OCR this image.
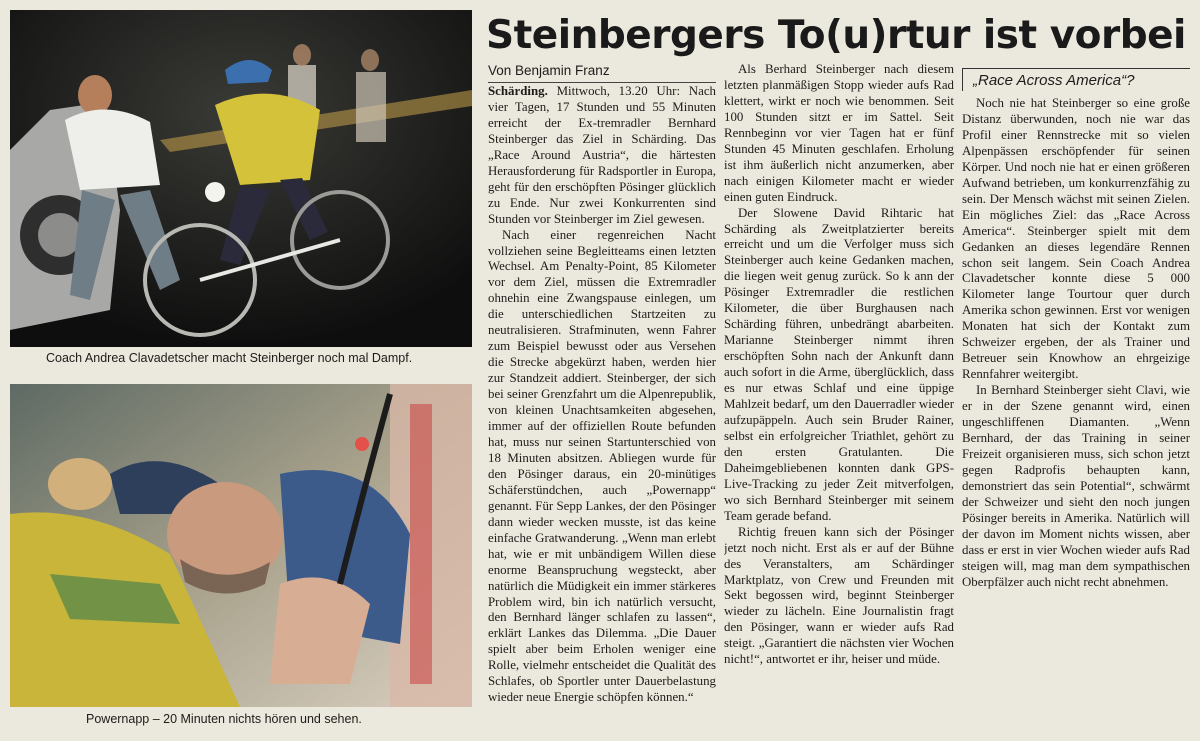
Coach Andrea Clavadetscher macht Steinberger noch mal Dampf.
Powernapp – 20 Minuten nichts hören und sehen.
Steinbergers To(u)rtur ist vorbei
Von Benjamin Franz

Schärding. Mittwoch, 13.20 Uhr: Nach vier Tagen, 17 Stunden und 55 Minuten erreicht der Ex-tremradler Bernhard Steinberger das Ziel in Schärding. Das „Race Around Austria“, die härtesten Herausforderung für Radsportler in Europa, geht für den erschöpften Pösinger glücklich zu Ende. Nur zwei Konkurrenten sind Stunden vor Steinberger im Ziel gewesen.

Nach einer regenreichen Nacht vollziehen seine Begleitteams einen letzten Wechsel. Am Penalty-Point, 85 Kilometer vor dem Ziel, müssen die Extremradler ohnehin eine Zwangspause einlegen, um die unterschiedlichen Startzeiten zu neutralisieren. Strafminuten, wenn Fahrer zum Beispiel bewusst oder aus Versehen die Strecke abgekürzt haben, werden hier zur Standzeit addiert. Steinberger, der sich bei seiner Grenzfahrt um die Alpenrepublik, von kleinen Unachtsamkeiten abgesehen, immer auf der offiziellen Route befunden hat, muss nur seinen Startunterschied von 18 Minuten absitzen. Abliegen wurde für den Pösinger daraus, ein 20-minütiges Schäferstündchen, auch „Powernapp“ genannt. Für Sepp Lankes, der den Pösinger dann wieder wecken musste, ist das keine einfache Gratwanderung. „Wenn man erlebt hat, wie er mit unbändigem Willen diese enorme Beanspruchung wegsteckt, aber natürlich die Müdigkeit ein immer stärkeres Problem wird, bin ich natürlich versucht, den Bernhard länger schlafen zu lassen“, erklärt Lankes das Dilemma. „Die Dauer spielt aber beim Erholen weniger eine Rolle, vielmehr entscheidet die Qualität des Schlafes, ob Sportler unter Dauerbelastung wieder neue Energie schöpfen können.“

Als Berhard Steinberger nach diesem letzten planmäßigen Stopp wieder aufs Rad klettert, wirkt er noch wie benommen. Seit 100 Stunden sitzt er im Sattel. Seit Rennbeginn vor vier Tagen hat er fünf Stunden 45 Minuten geschlafen. Erholung ist ihm äußerlich nicht anzumerken, aber nach einigen Kilometer macht er wieder einen guten Eindruck.

Der Slowene David Rihtaric hat Schärding als Zweitplatzierter bereits erreicht und um die Verfolger muss sich Steinberger auch keine Gedanken machen, die liegen weit genug zurück. So k ann der Pösinger Extremradler die restlichen Kilometer, die über Burghausen nach Schärding führen, unbedrängt abarbeiten. Marianne Steinberger nimmt ihren erschöpften Sohn nach der Ankunft dann auch sofort in die Arme, überglücklich, dass es nur etwas Schlaf und eine üppige Mahlzeit bedarf, um den Dauerradler wieder aufzupäppeln. Auch sein Bruder Rainer, selbst ein erfolgreicher Triathlet, gehört zu den ersten Gratulanten. Die Daheimgebliebenen konnten dank GPS-Live-Tracking zu jeder Zeit mitverfolgen, wo sich Bernhard Steinberger mit seinem Team gerade befand.

Richtig freuen kann sich der Pösinger jetzt noch nicht. Erst als er auf der Bühne des Veranstalters, am Schärdinger Marktplatz, von Crew und Freunden mit Sekt begossen wird, beginnt Steinberger wieder zu lächeln. Eine Journalistin fragt den Pösinger, wann er wieder aufs Rad steigt. „Garantiert die nächsten vier Wochen nicht!“, antwortet er ihr, heiser und müde.

„Race Across America“?

Noch nie hat Steinberger so eine große Distanz überwunden, noch nie war das Profil einer Rennstrecke mit so vielen Alpenpässen erschöpfender für seinen Körper. Und noch nie hat er einen größeren Aufwand betrieben, um konkurrenzfähig zu sein. Der Mensch wächst mit seinen Zielen. Ein mögliches Ziel: das „Race Across America“. Steinberger spielt mit dem Gedanken an dieses legendäre Rennen schon seit langem. Sein Coach Andrea Clavadetscher konnte diese 5 000 Kilometer lange Tourtour quer durch Amerika schon gewinnen. Erst vor wenigen Monaten hat sich der Kontakt zum Schweizer ergeben, der als Trainer und Betreuer sein Knowhow an ehrgeizige Rennfahrer weitergibt.

In Bernhard Steinberger sieht Clavi, wie er in der Szene genannt wird, einen ungeschliffenen Diamanten. „Wenn Bernhard, der das Training in seiner Freizeit organisieren muss, sich schon jetzt gegen Radprofis behaupten kann, demonstriert das sein Potential“, schwärmt der Schweizer und sieht den noch jungen Pösinger bereits in Amerika. Natürlich will der davon im Moment nichts wissen, aber dass er erst in vier Wochen wieder aufs Rad steigen will, mag man dem sympathischen Oberpfälzer auch nicht recht abnehmen.
